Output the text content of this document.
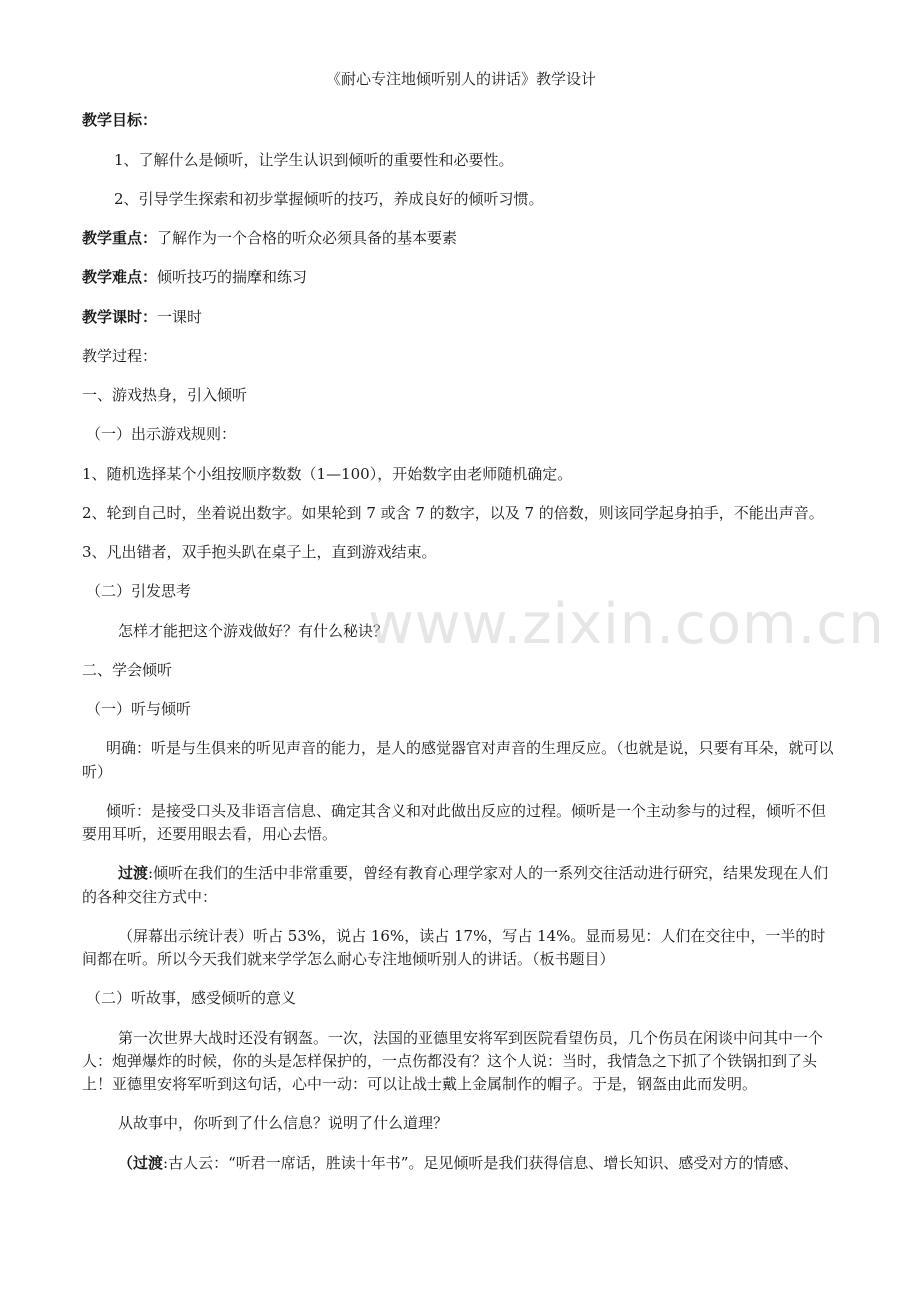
《耐心专注地倾听别人的讲话》教学设计

教学目标：

1、了解什么是倾听，让学生认识到倾听的重要性和必要性。

2、引导学生探索和初步掌握倾听的技巧，养成良好的倾听习惯。

教学重点：了解作为一个合格的听众必须具备的基本要素

教学难点：倾听技巧的揣摩和练习

教学课时：一课时

教学过程：

一、游戏热身，引入倾听

（一）出示游戏规则：

1、随机选择某个小组按顺序数数（1—100），开始数字由老师随机确定。

2、轮到自己时，坐着说出数字。如果轮到 7 或含 7 的数字，以及 7 的倍数，则该同学起身拍手，不能出声音。

3、凡出错者，双手抱头趴在桌子上，直到游戏结束。

（二）引发思考

怎样才能把这个游戏做好？有什么秘诀？

二、学会倾听

（一）听与倾听

明确：听是与生俱来的听见声音的能力，是人的感觉器官对声音的生理反应。（也就是说，只要有耳朵，就可以听）

倾听：是接受口头及非语言信息、确定其含义和对此做出反应的过程。倾听是一个主动参与的过程，倾听不但要用耳听，还要用眼去看，用心去悟。

过渡:倾听在我们的生活中非常重要，曾经有教育心理学家对人的一系列交往活动进行研究，结果发现在人们的各种交往方式中：

（屏幕出示统计表）听占 53%，说占 16%，读占 17%，写占 14%。显而易见：人们在交往中，一半的时间都在听。所以今天我们就来学学怎么耐心专注地倾听别人的讲话。（板书题目）

（二）听故事，感受倾听的意义

第一次世界大战时还没有钢盔。一次，法国的亚德里安将军到医院看望伤员，几个伤员在闲谈中问其中一个人：炮弹爆炸的时候，你的头是怎样保护的，一点伤都没有？这个人说：当时，我情急之下抓了个铁锅扣到了头上！亚德里安将军听到这句话，心中一动：可以让战士戴上金属制作的帽子。于是，钢盔由此而发明。

从故事中，你听到了什么信息？说明了什么道理？

（过渡:古人云：“听君一席话，胜读十年书”。足见倾听是我们获得信息、增长知识、感受对方的情感、

www.zixin.com.cn
